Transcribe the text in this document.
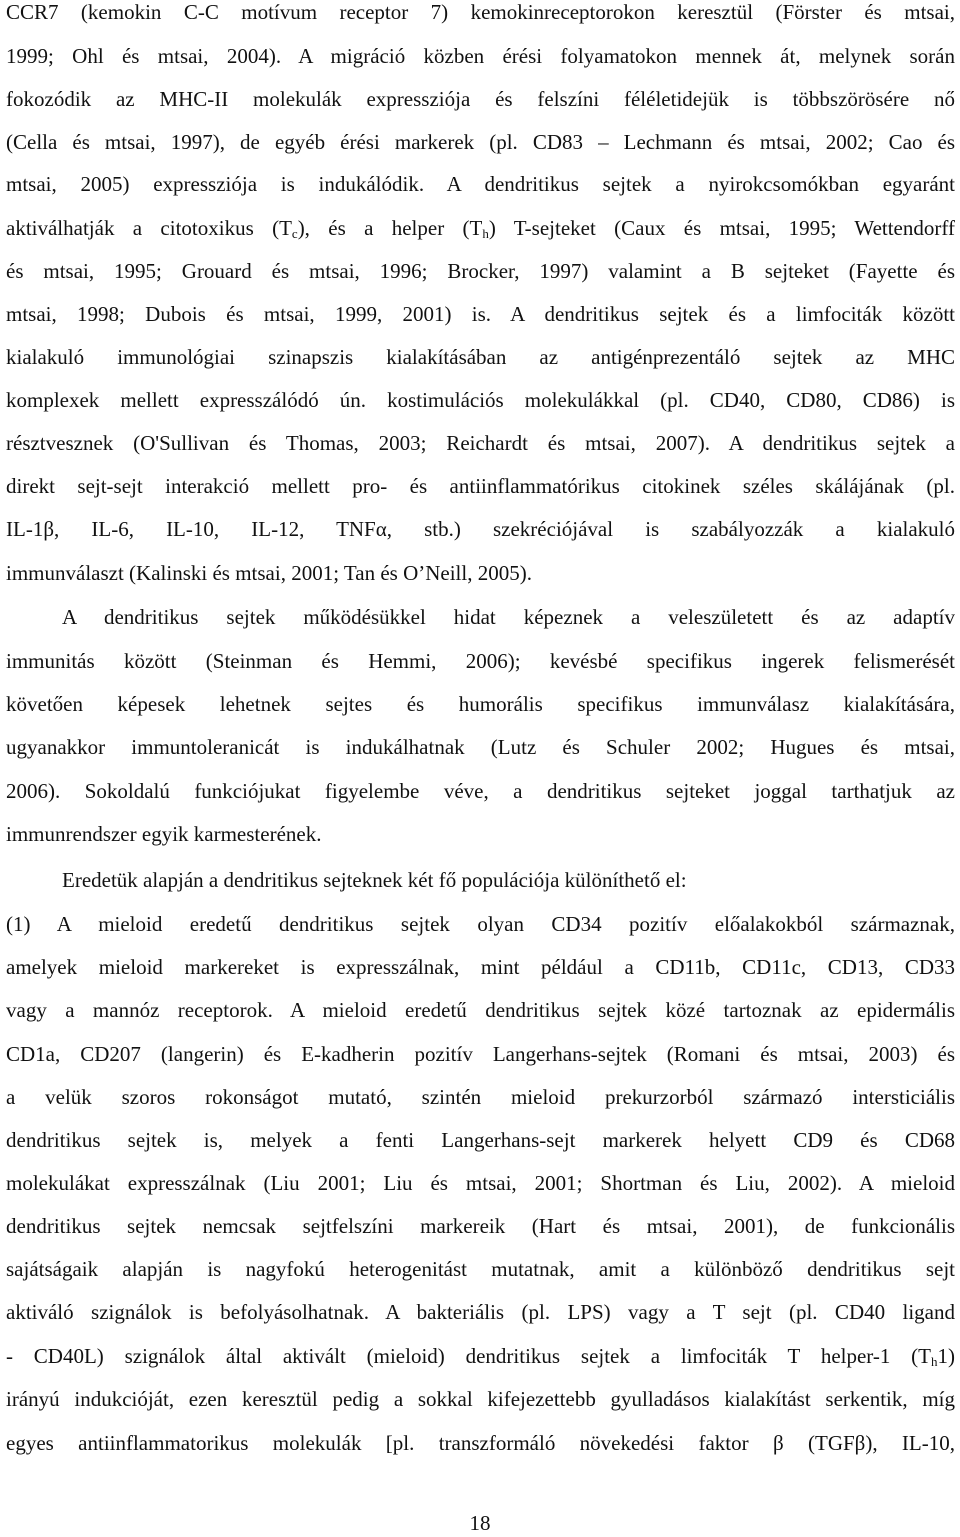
CCR7 (kemokin C-C motívum receptor 7) kemokinreceptorokon keresztül (Förster és mtsai,
1999; Ohl és mtsai, 2004). A migráció közben érési folyamatokon mennek át, melynek során
fokozódik az MHC-II molekulák expressziója és felszíni féléletidejük is többszörösére nő
(Cella és mtsai, 1997), de egyéb érési markerek (pl. CD83 – Lechmann és mtsai, 2002; Cao és
mtsai, 2005) expressziója is indukálódik. A dendritikus sejtek a nyirokcsomókban egyaránt
aktiválhatják a citotoxikus $(T_c)$, és a helper $(T_h)$ T-sejteket (Caux és mtsai, 1995; Wettendorff
és mtsai, 1995; Grouard és mtsai, 1996; Brocker, 1997) valamint a B sejteket (Fayette és
mtsai, 1998; Dubois és mtsai, 1999, 2001) is. A dendritikus sejtek és a limfociták között
kialakuló immunológiai szinapszis kialakításában az antigénprezentáló sejtek az MHC
komplexek mellett expresszálódó ún. kostimulációs molekulákkal (pl. CD40, CD80, CD86) is
résztvesznek (O'Sullivan és Thomas, 2003; Reichardt és mtsai, 2007). A dendritikus sejtek a
direkt sejt-sejt interakció mellett pro- és antiinflammatórikus citokinek széles skálájának (pl.
IL-1β, IL-6, IL-10, IL-12, TNFα, stb.) szekréciójával is szabályozzák a kialakuló
immunválaszt (Kalinski és mtsai, 2001; Tan és O’Neill, 2005).
A dendritikus sejtek működésükkel hidat képeznek a veleszületett és az adaptív
immunitás között (Steinman és Hemmi, 2006); kevésbé specifikus ingerek felismerését
követően képesek lehetnek sejtes és humorális specifikus immunválasz kialakítására,
ugyanakkor immuntoleranicát is indukálhatnak (Lutz és Schuler 2002; Hugues és mtsai,
2006). Sokoldalú funkciójukat figyelembe véve, a dendritikus sejteket joggal tarthatjuk az
immunrendszer egyik karmesterének.
Eredetük alapján a dendritikus sejteknek két fő populációja különíthető el:
(1) A mieloid eredetű dendritikus sejtek olyan CD34 pozitív előalakokból származnak,
amelyek mieloid markereket is expresszálnak, mint például a CD11b, CD11c, CD13, CD33
vagy a mannóz receptorok. A mieloid eredetű dendritikus sejtek közé tartoznak az epidermális
CD1a, CD207 (langerin) és E-kadherin pozitív Langerhans-sejtek (Romani és mtsai, 2003) és
a velük szoros rokonságot mutató, szintén mieloid prekurzorból származó intersticiális
dendritikus sejtek is, melyek a fenti Langerhans-sejt markerek helyett CD9 és CD68
molekulákat expresszálnak (Liu 2001; Liu és mtsai, 2001; Shortman és Liu, 2002). A mieloid
dendritikus sejtek nemcsak sejtfelszíni markereik (Hart és mtsai, 2001), de funkcionális
sajátságaik alapján is nagyfokú heterogenitást mutatnak, amit a különböző dendritikus sejt
aktiváló szignálok is befolyásolhatnak. A bakteriális (pl. LPS) vagy a T sejt (pl. CD40 ligand
- CD40L) szignálok által aktivált (mieloid) dendritikus sejtek a limfociták T helper-1 $(T_h1)$
irányú indukcióját, ezen keresztül pedig a sokkal kifejezettebb gyulladásos kialakítást serkentik, míg
egyes antiinflammatorikus molekulák [pl. transzformáló növekedési faktor β (TGFβ), IL-10,
18
